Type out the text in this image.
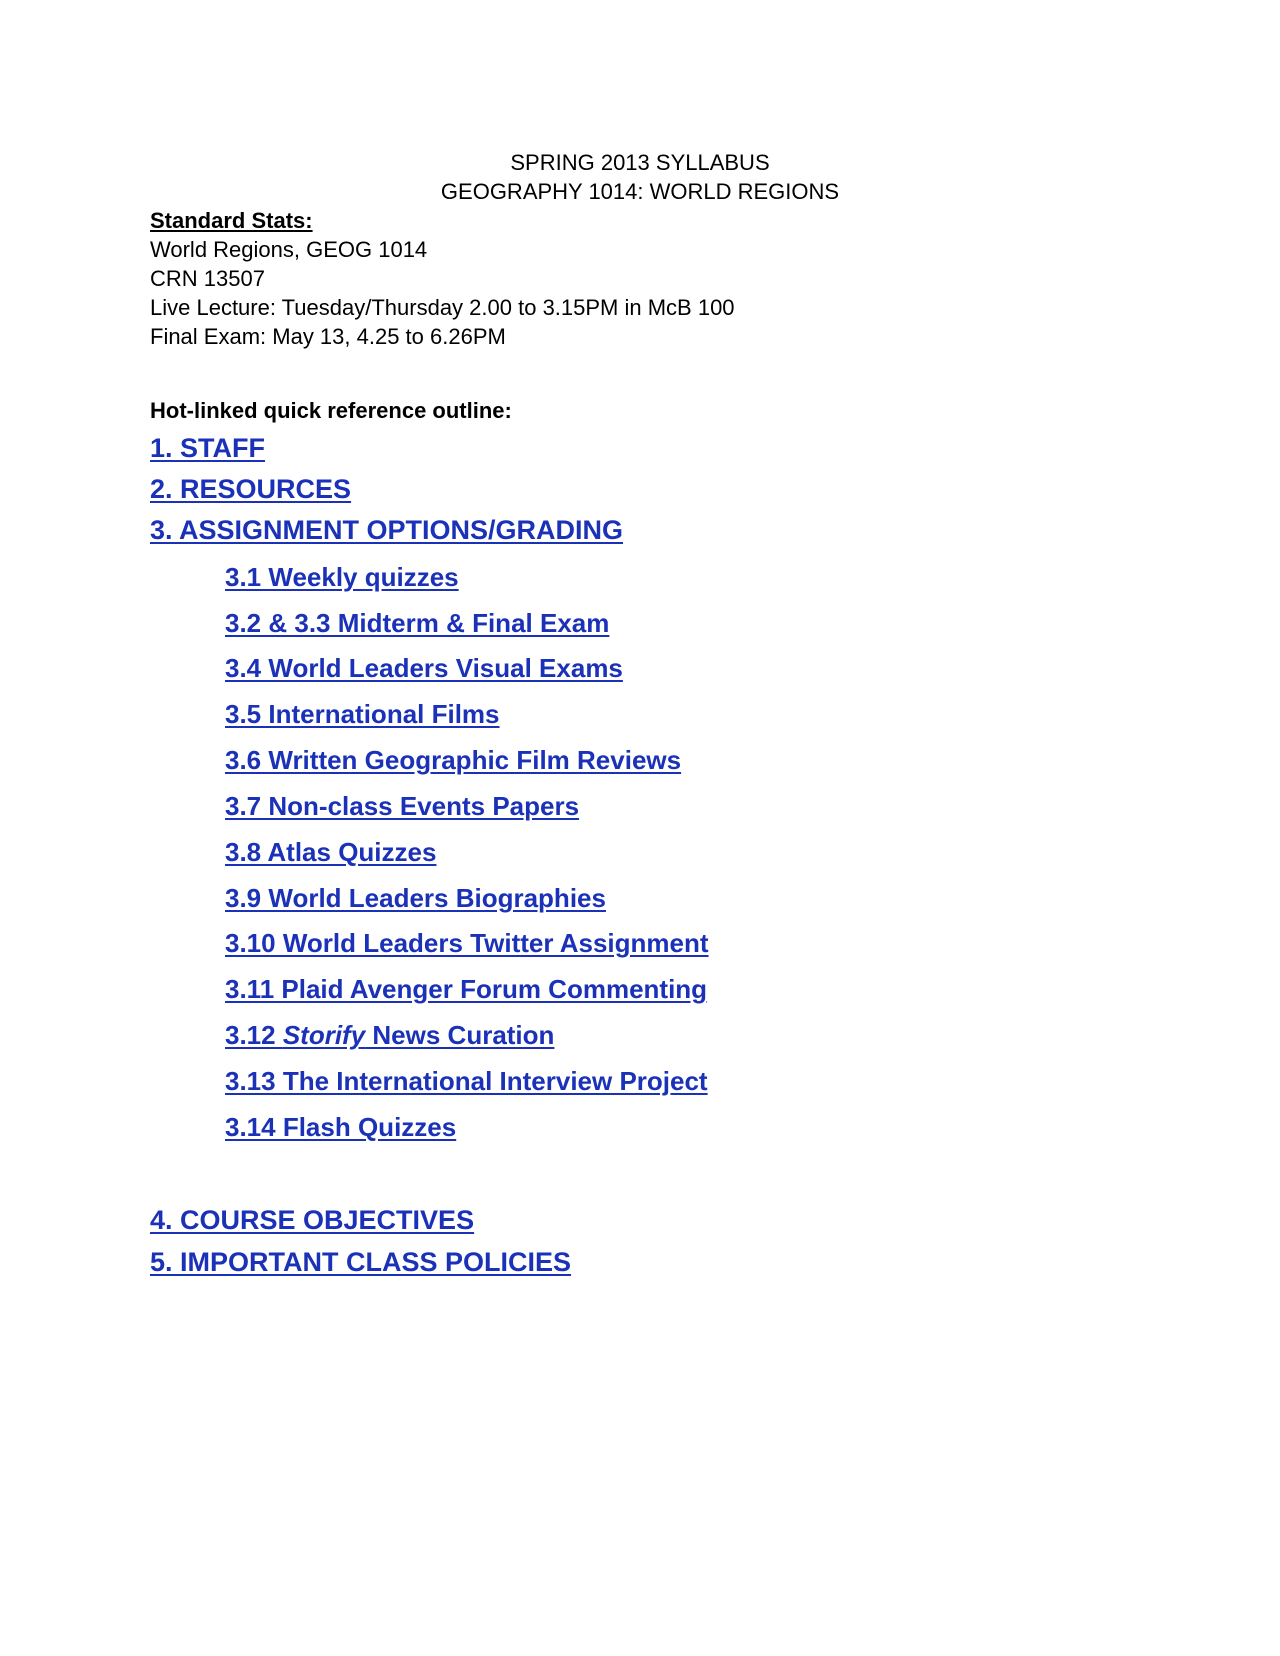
SPRING 2013 SYLLABUS
GEOGRAPHY 1014: WORLD REGIONS
Standard Stats:
World Regions, GEOG 1014
CRN 13507
Live Lecture: Tuesday/Thursday 2.00 to 3.15PM in McB 100
Final Exam: May 13, 4.25 to 6.26PM
Hot-linked quick reference outline:
1. STAFF
2. RESOURCES
3. ASSIGNMENT OPTIONS/GRADING
3.1 Weekly quizzes
3.2 & 3.3 Midterm & Final Exam
3.4 World Leaders Visual Exams
3.5 International Films
3.6 Written Geographic Film Reviews
3.7 Non-class Events Papers
3.8 Atlas Quizzes
3.9 World Leaders Biographies
3.10 World Leaders Twitter Assignment
3.11 Plaid Avenger Forum Commenting
3.12 Storify News Curation
3.13 The International Interview Project
3.14 Flash Quizzes
4. COURSE OBJECTIVES
5. IMPORTANT CLASS POLICIES
